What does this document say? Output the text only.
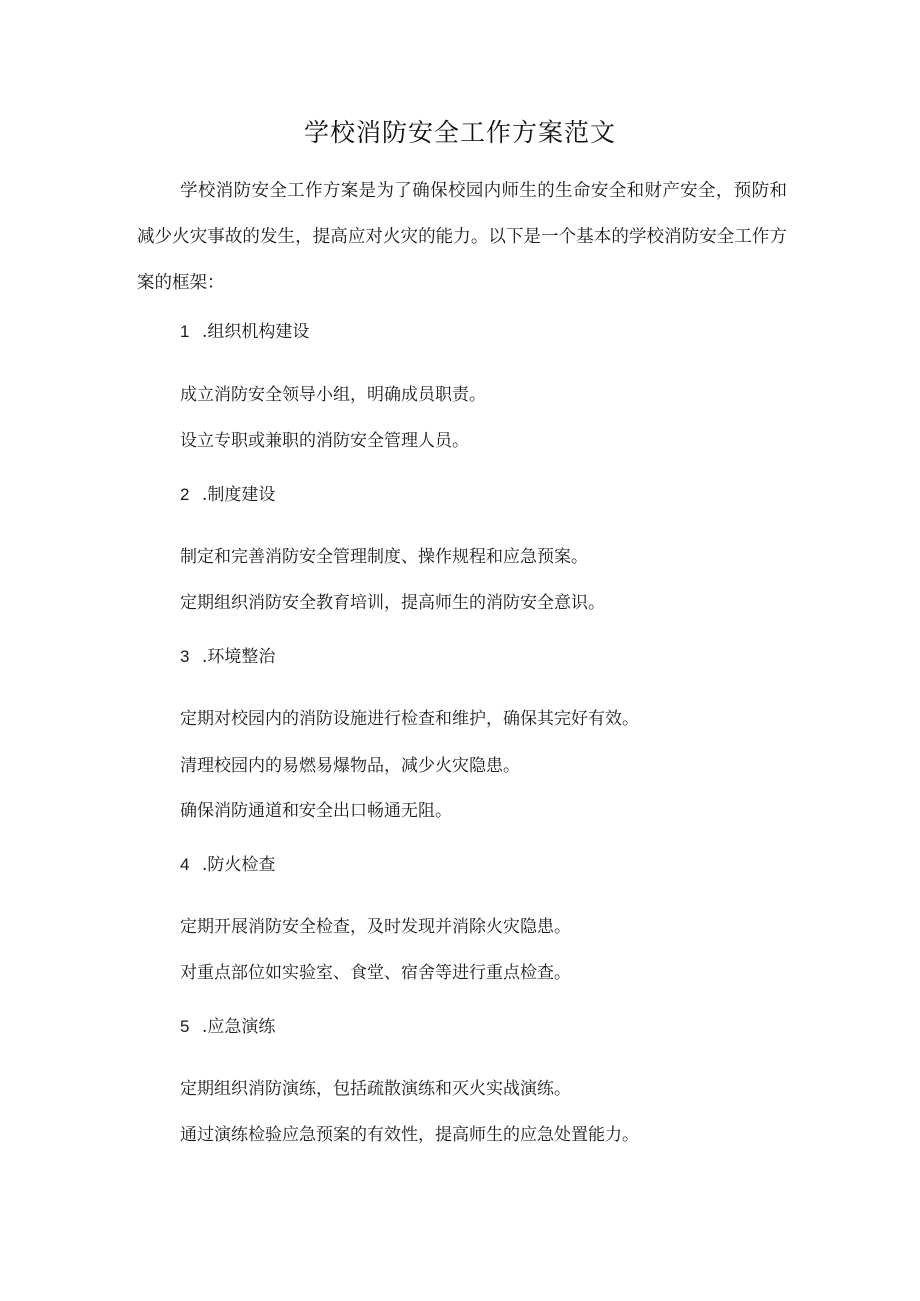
学校消防安全工作方案范文
学校消防安全工作方案是为了确保校园内师生的生命安全和财产安全，预防和减少火灾事故的发生，提高应对火灾的能力。以下是一个基本的学校消防安全工作方案的框架：
1 .组织机构建设
成立消防安全领导小组，明确成员职责。
设立专职或兼职的消防安全管理人员。
2 .制度建设
制定和完善消防安全管理制度、操作规程和应急预案。
定期组织消防安全教育培训，提高师生的消防安全意识。
3 .环境整治
定期对校园内的消防设施进行检查和维护，确保其完好有效。
清理校园内的易燃易爆物品，减少火灾隐患。
确保消防通道和安全出口畅通无阻。
4 .防火检查
定期开展消防安全检查，及时发现并消除火灾隐患。
对重点部位如实验室、食堂、宿舍等进行重点检查。
5 .应急演练
定期组织消防演练，包括疏散演练和灭火实战演练。
通过演练检验应急预案的有效性，提高师生的应急处置能力。
